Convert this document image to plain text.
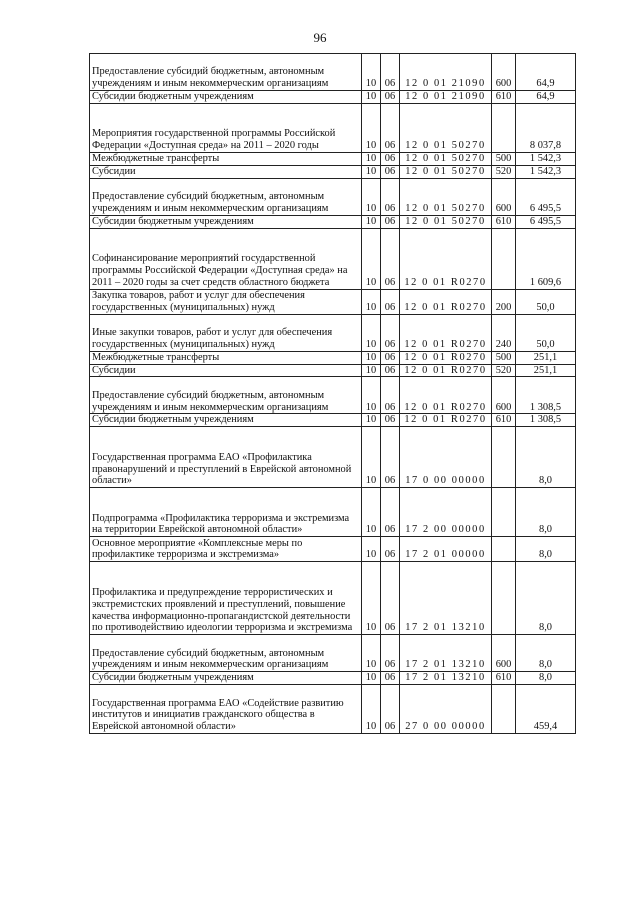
96
Предоставление субсидий бюджетным, автономным учреждениям и иным некоммерческим организациям	10	06	12 0 01 21090	600	64,9
Субсидии бюджетным учреждениям	10	06	12 0 01 21090	610	64,9
Мероприятия государственной программы Российской Федерации «Доступная среда» на 2011 – 2020 годы	10	06	12 0 01 50270		8 037,8
Межбюджетные трансферты	10	06	12 0 01 50270	500	1 542,3
Субсидии	10	06	12 0 01 50270	520	1 542,3
Предоставление субсидий бюджетным, автономным учреждениям и иным некоммерческим организациям	10	06	12 0 01 50270	600	6 495,5
Субсидии бюджетным учреждениям	10	06	12 0 01 50270	610	6 495,5
Софинансирование мероприятий государственной программы Российской Федерации «Доступная среда» на 2011 – 2020 годы за счет средств областного бюджета	10	06	12 0 01 R0270		1 609,6
Закупка товаров, работ и услуг для обеспечения государственных (муниципальных) нужд	10	06	12 0 01 R0270	200	50,0
Иные закупки товаров, работ и услуг для обеспечения государственных (муниципальных) нужд	10	06	12 0 01 R0270	240	50,0
Межбюджетные трансферты	10	06	12 0 01 R0270	500	251,1
Субсидии	10	06	12 0 01 R0270	520	251,1
Предоставление субсидий бюджетным, автономным учреждениям и иным некоммерческим организациям	10	06	12 0 01 R0270	600	1 308,5
Субсидии бюджетным учреждениям	10	06	12 0 01 R0270	610	1 308,5
Государственная программа ЕАО «Профилактика правонарушений и преступлений в Еврейской автономной области»	10	06	17 0 00 00000		8,0
Подпрограмма «Профилактика терроризма и экстремизма на территории Еврейской автономной области»	10	06	17 2 00 00000		8,0
Основное мероприятие «Комплексные меры по профилактике терроризма и экстремизма»	10	06	17 2 01 00000		8,0
Профилактика и предупреждение террористических и экстремистских проявлений и преступлений, повышение качества информационно-пропагандистской деятельности по противодействию идеологии терроризма и экстремизма	10	06	17 2 01 13210		8,0
Предоставление субсидий бюджетным, автономным учреждениям и иным некоммерческим организациям	10	06	17 2 01 13210	600	8,0
Субсидии бюджетным учреждениям	10	06	17 2 01 13210	610	8,0
Государственная программа ЕАО «Содействие развитию институтов и инициатив гражданского общества в Еврейской автономной области»	10	06	27 0 00 00000		459,4
